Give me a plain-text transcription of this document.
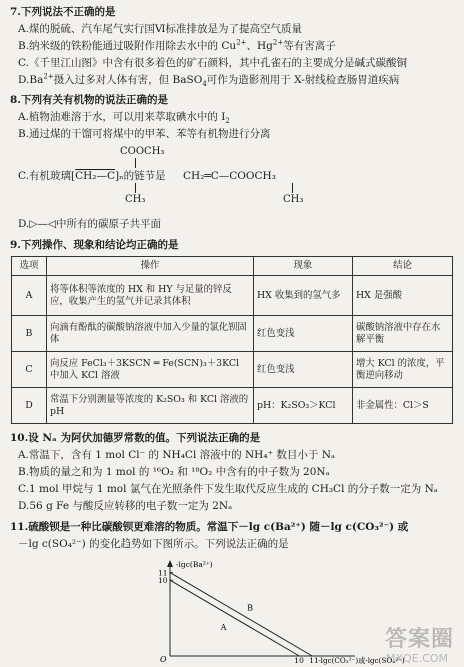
7.下列说法不正确的是
A.煤的脱硫、汽车尾气实行国Ⅵ标准排放是为了提高空气质量
B.纳米级的铁粉能通过吸附作用除去水中的 $Cu^{2+}$、$Hg^{2+}$等有害离子
C.《千里江山图》中含有很多着色的矿石颜料，其中孔雀石的主要成分是碱式碳酸铜
$D.Ba^{2+}$摄入过多对人体有害，但 BaSO$_4$可作为造影剂用于 X-射线检查肠胃道疾病
8.下列有关有机物的说法正确的是
A.植物油难溶于水，可以用来萃取碘水中的 $I_2$
B.通过煤的干馏可将煤中的甲苯、苯等有机物进行分离
COOCH₃
C.有机玻璃[CH₂—C]ₙ的链节是 CH₂═C—COOCH₃
CH₃	CH₃
D.▷—◁中所有的碳原子共平面
9.下列操作、现象和结论均正确的是
选项	操作	现象	结论
A	将等体积等浓度的 HX 和 HY 与足量的锌反应，收集产生的氢气并记录其体积	HX 收集到的氢气多	HX 是强酸
B	向滴有酚酞的碳酸钠溶液中加入少量的氯化钡固体	红色变浅	碳酸钠溶液中存在水解平衡
C	向反应 FeCl₃＋3KSCN ═ Fe(SCN)₃＋3KCl 中加入 KCl 溶液	红色变浅	增大 KCl 的浓度，平衡逆向移动
D	常温下分别测量等浓度的 K₂SO₃ 和 KCl 溶液的 pH	pH：K₂SO₃＞KCl	非金属性：Cl＞S
10.设 Nₐ 为阿伏加德罗常数的值。下列说法正确的是
A.常温下，含有 1 mol Cl⁻ 的 NH₄Cl 溶液中的 NH₄⁺ 数目小于 Nₐ
B.物质的量之和为 1 mol 的 ¹⁶O₂ 和 ¹⁸O₂ 中含有的中子数为 20Nₐ
C.1 mol 甲烷与 1 mol 氯气在光照条件下发生取代反应生成的 CH₃Cl 的分子数一定为 Nₐ
D.56 g Fe 与酸反应转移的电子数一定为 2Nₐ
11.硫酸钡是一种比碳酸钡更难溶的物质。常温下－lg c(Ba²⁺) 随－lg c(CO₃²⁻) 或
－lg c(SO₄²⁻) 的变化趋势如下图所示。下列说法正确的是
-lgc(Ba²⁺)
O
10
11
10 11 -lgc(CO₃²⁻)或-lgc(SO₄²⁻)
A
B
答案圈
MXQE.COM
